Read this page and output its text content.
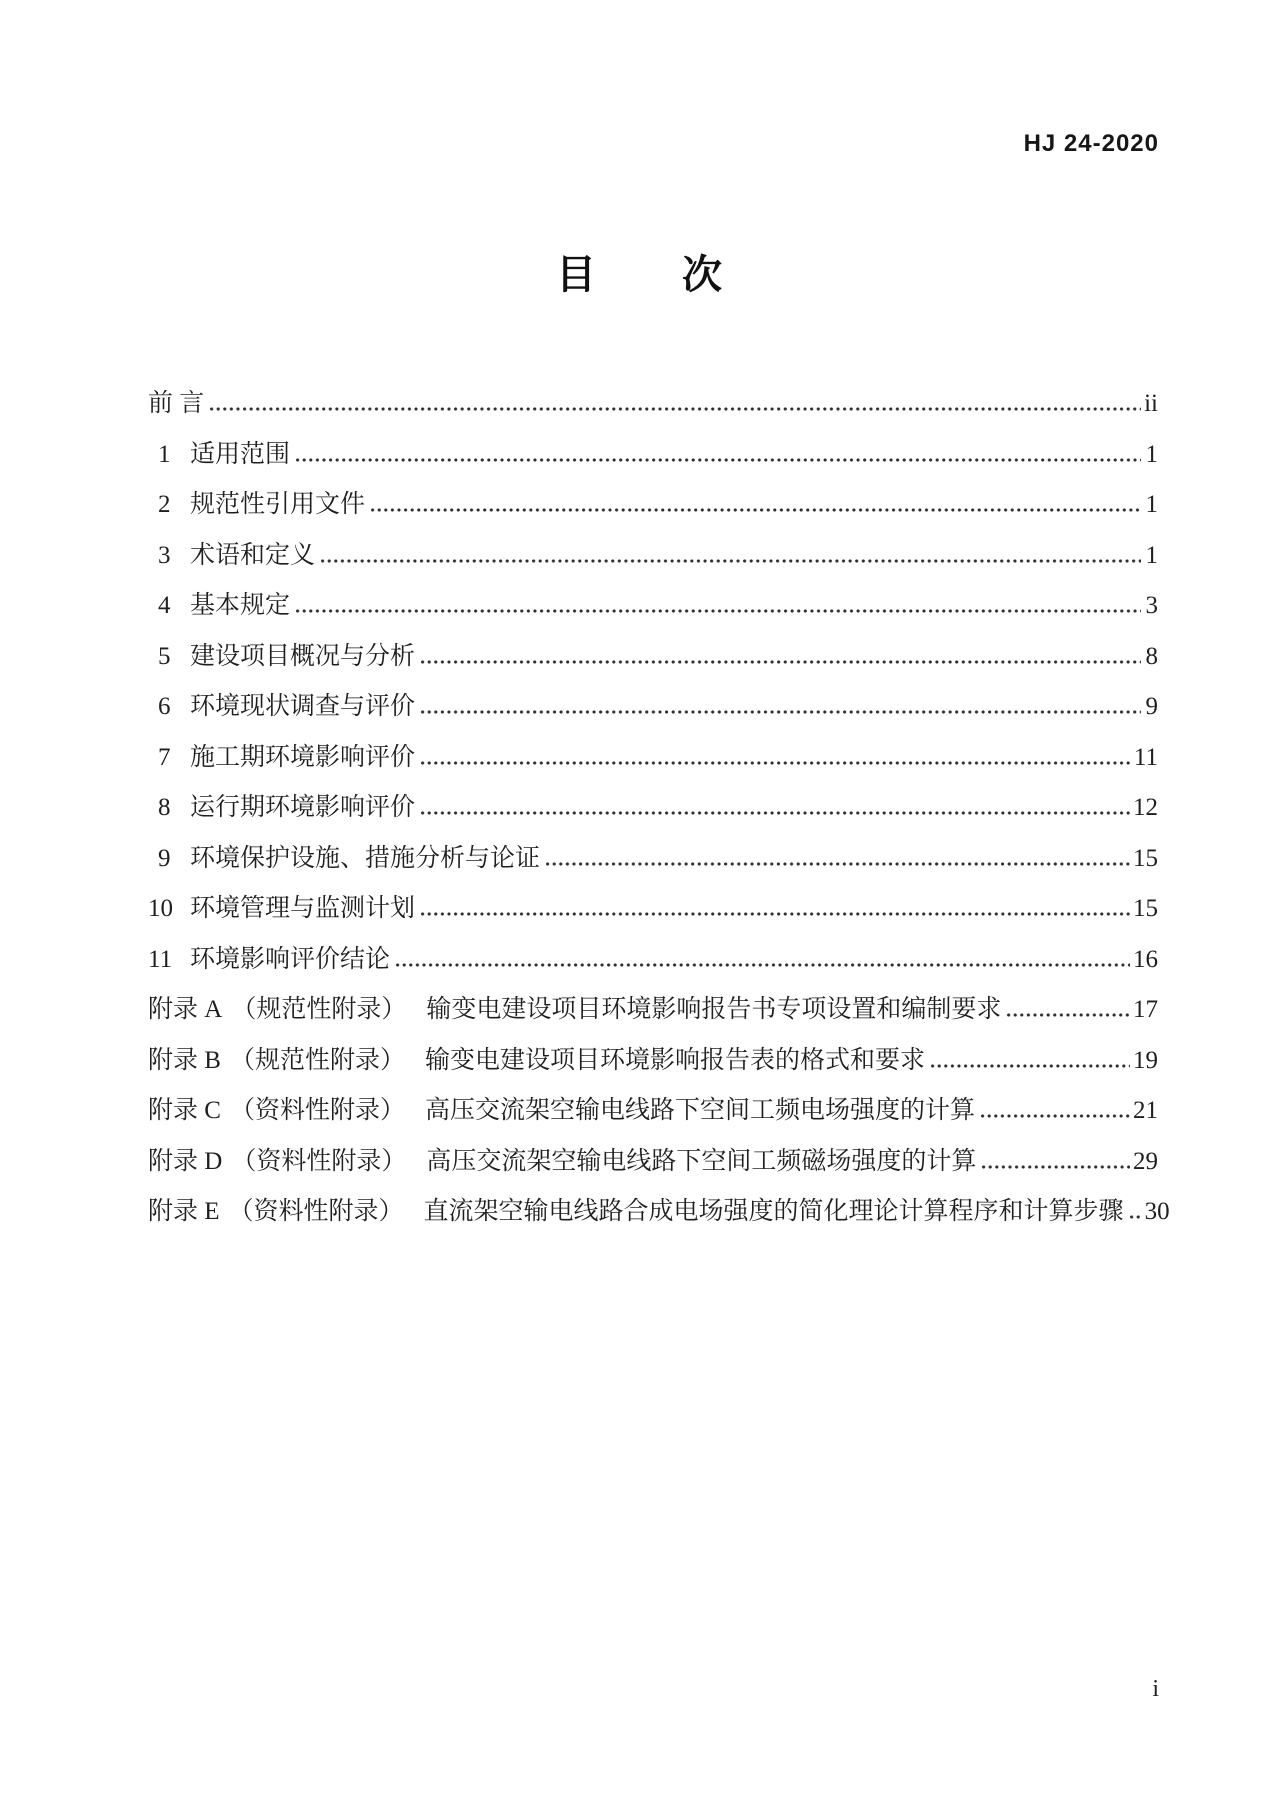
HJ 24-2020
目　　次
前 言	ii
1 适用范围	1
2 规范性引用文件	1
3 术语和定义	1
4 基本规定	3
5 建设项目概况与分析	8
6 环境现状调查与评价	9
7 施工期环境影响评价	11
8 运行期环境影响评价	12
9 环境保护设施、措施分析与论证	15
10 环境管理与监测计划	15
11 环境影响评价结论	16
附录 A （规范性附录） 输变电建设项目环境影响报告书专项设置和编制要求	17
附录 B （规范性附录） 输变电建设项目环境影响报告表的格式和要求	19
附录 C （资料性附录） 高压交流架空输电线路下空间工频电场强度的计算	21
附录 D （资料性附录） 高压交流架空输电线路下空间工频磁场强度的计算	29
附录 E （资料性附录） 直流架空输电线路合成电场强度的简化理论计算程序和计算步骤 30
i
